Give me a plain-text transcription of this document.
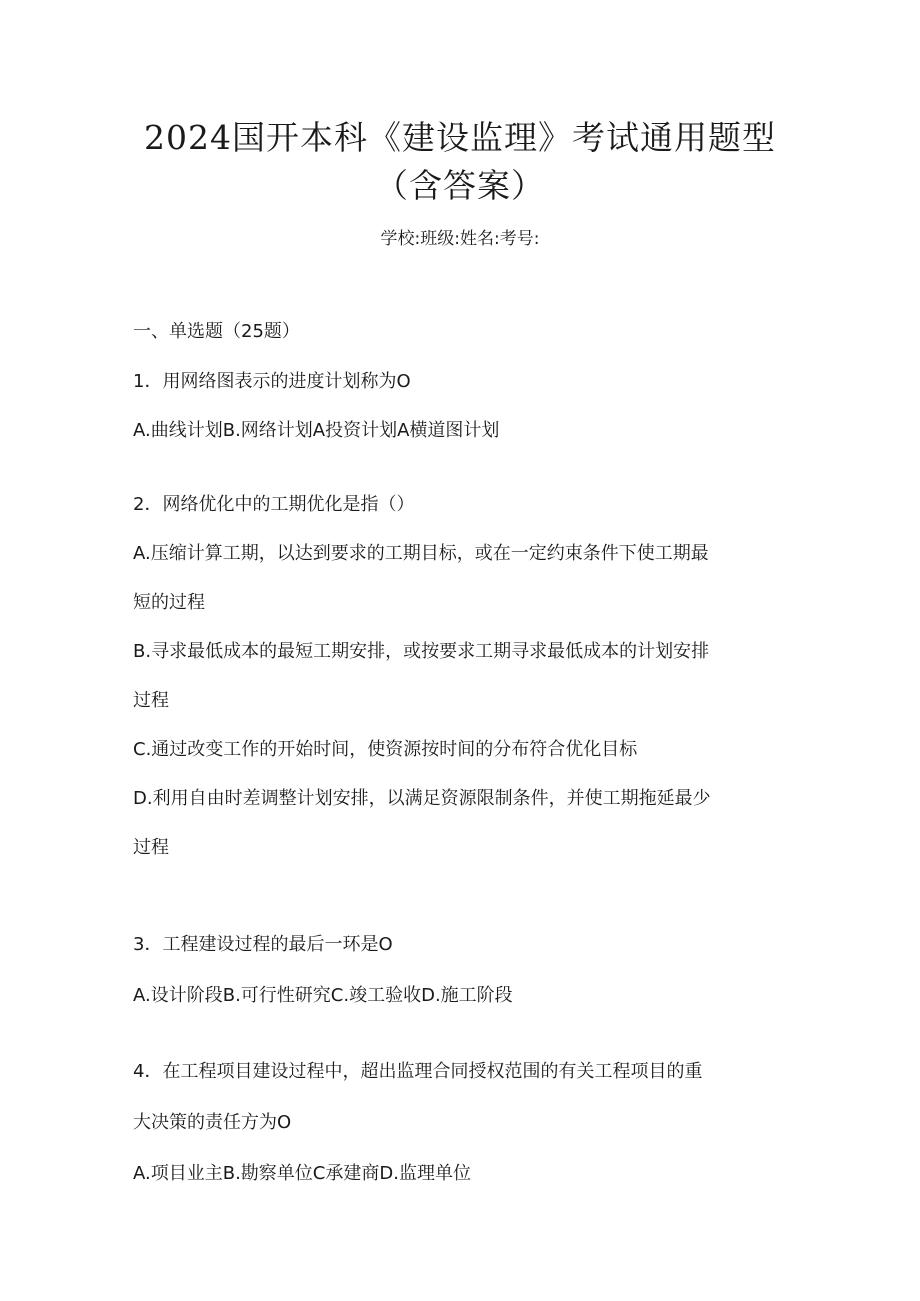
2024国开本科《建设监理》考试通用题型
（含答案）
学校:班级:姓名:考号:
一、单选题（25题）
1．用网络图表示的进度计划称为O
A.曲线计划B.网络计划A投资计划A横道图计划
2．网络优化中的工期优化是指（）
A.压缩计算工期，以达到要求的工期目标，或在一定约束条件下使工期最
短的过程
B.寻求最低成本的最短工期安排，或按要求工期寻求最低成本的计划安排
过程
C.通过改变工作的开始时间，使资源按时间的分布符合优化目标
D.利用自由时差调整计划安排，以满足资源限制条件，并使工期拖延最少
过程
3．工程建设过程的最后一环是O
A.设计阶段B.可行性研究C.竣工验收D.施工阶段
4．在工程项目建设过程中，超出监理合同授权范围的有关工程项目的重
大决策的责任方为O
A.项目业主B.勘察单位C承建商D.监理单位
